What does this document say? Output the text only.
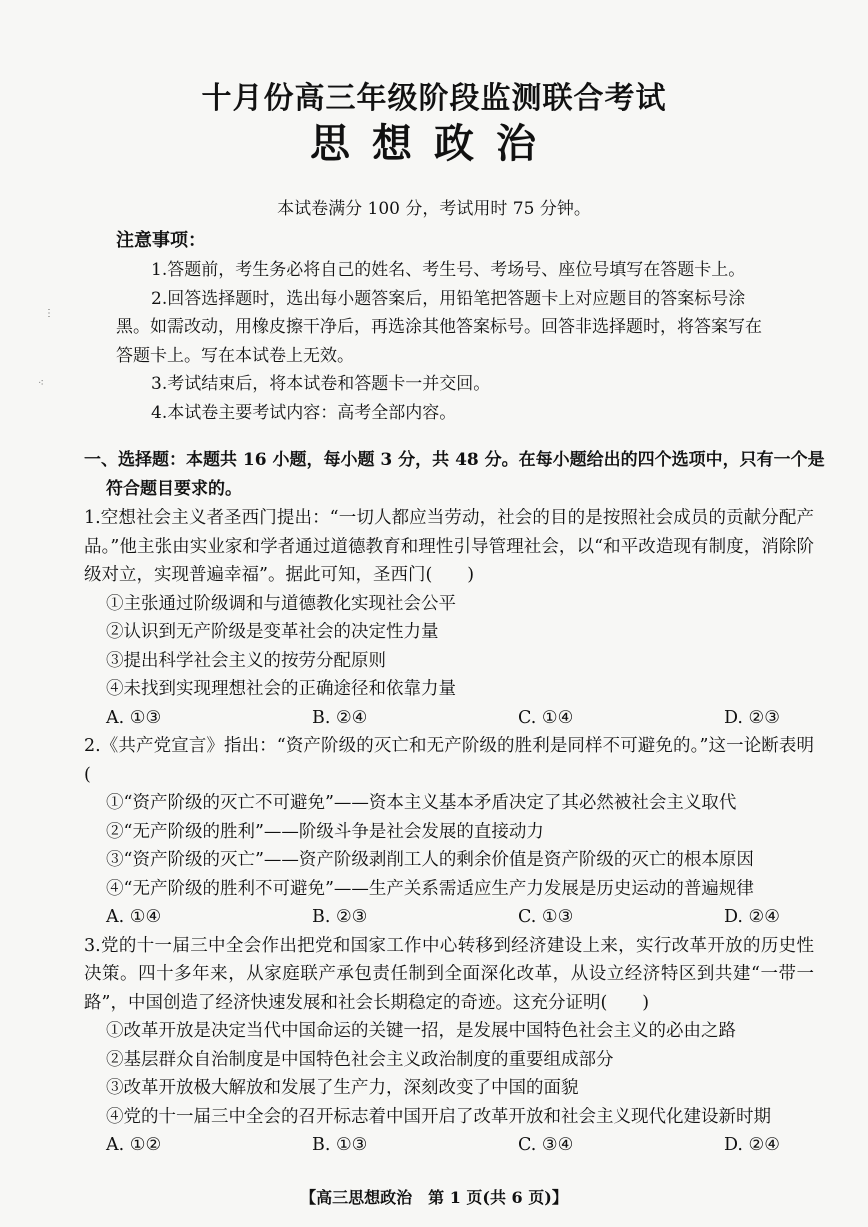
⋮
⁖
十月份高三年级阶段监测联合考试
思想政治
本试卷满分 100 分，考试用时 75 分钟。
注意事项：

1.答题前，考生务必将自己的姓名、考生号、考场号、座位号填写在答题卡上。

2.回答选择题时，选出每小题答案后，用铅笔把答题卡上对应题目的答案标号涂黑。如需改动，用橡皮擦干净后，再选涂其他答案标号。回答非选择题时，将答案写在答题卡上。写在本试卷上无效。

3.考试结束后，将本试卷和答题卡一并交回。

4.本试卷主要考试内容：高考全部内容。

一、选择题：本题共 16 小题，每小题 3 分，共 48 分。在每小题给出的四个选项中，只有一个是符合题目要求的。

1.空想社会主义者圣西门提出：“一切人都应当劳动，社会的目的是按照社会成员的贡献分配产品。”他主张由实业家和学者通过道德教育和理性引导管理社会，以“和平改造现有制度，消除阶级对立，实现普遍幸福”。据此可知，圣西门(　　)

①主张通过阶级调和与道德教化实现社会公平

②认识到无产阶级是变革社会的决定性力量

③提出科学社会主义的按劳分配原则

④未找到实现理想社会的正确途径和依靠力量

A. ①③	B. ②④	C. ①④	D. ②③

2.《共产党宣言》指出：“资产阶级的灭亡和无产阶级的胜利是同样不可避免的。”这一论断表明(

①“资产阶级的灭亡不可避免”——资本主义基本矛盾决定了其必然被社会主义取代

②“无产阶级的胜利”——阶级斗争是社会发展的直接动力

③“资产阶级的灭亡”——资产阶级剥削工人的剩余价值是资产阶级的灭亡的根本原因

④“无产阶级的胜利不可避免”——生产关系需适应生产力发展是历史运动的普遍规律

A. ①④	B. ②③	C. ①③	D. ②④

3.党的十一届三中全会作出把党和国家工作中心转移到经济建设上来，实行改革开放的历史性决策。四十多年来，从家庭联产承包责任制到全面深化改革，从设立经济特区到共建“一带一路”，中国创造了经济快速发展和社会长期稳定的奇迹。这充分证明(　　)

①改革开放是决定当代中国命运的关键一招，是发展中国特色社会主义的必由之路

②基层群众自治制度是中国特色社会主义政治制度的重要组成部分

③改革开放极大解放和发展了生产力，深刻改变了中国的面貌

④党的十一届三中全会的召开标志着中国开启了改革开放和社会主义现代化建设新时期

A. ①②	B. ①③	C. ③④	D. ②④
【高三思想政治　第 1 页(共 6 页)】
